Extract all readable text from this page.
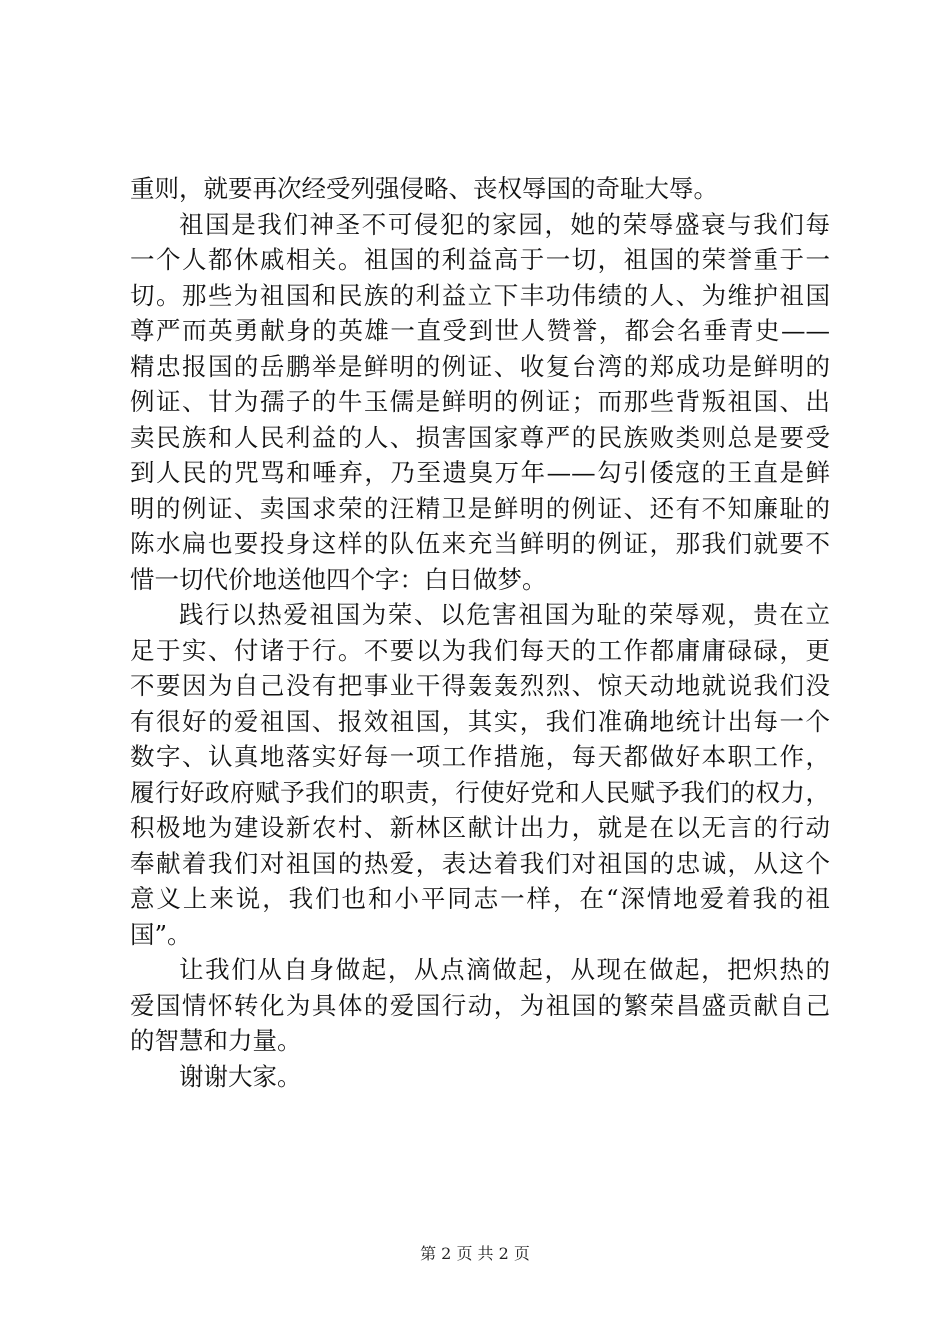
重则，就要再次经受列强侵略、丧权辱国的奇耻大辱。
祖国是我们神圣不可侵犯的家园，她的荣辱盛衰与我们每
一个人都休戚相关。祖国的利益高于一切，祖国的荣誉重于一
切。那些为祖国和民族的利益立下丰功伟绩的人、为维护祖国
尊严而英勇献身的英雄一直受到世人赞誉，都会名垂青史——
精忠报国的岳鹏举是鲜明的例证、收复台湾的郑成功是鲜明的
例证、甘为孺子的牛玉儒是鲜明的例证；而那些背叛祖国、出
卖民族和人民利益的人、损害国家尊严的民族败类则总是要受
到人民的咒骂和唾弃，乃至遗臭万年——勾引倭寇的王直是鲜
明的例证、卖国求荣的汪精卫是鲜明的例证、还有不知廉耻的
陈水扁也要投身这样的队伍来充当鲜明的例证，那我们就要不
惜一切代价地送他四个字：白日做梦。
践行以热爱祖国为荣、以危害祖国为耻的荣辱观，贵在立
足于实、付诸于行。不要以为我们每天的工作都庸庸碌碌，更
不要因为自己没有把事业干得轰轰烈烈、惊天动地就说我们没
有很好的爱祖国、报效祖国，其实，我们准确地统计出每一个
数字、认真地落实好每一项工作措施，每天都做好本职工作，
履行好政府赋予我们的职责，行使好党和人民赋予我们的权力，
积极地为建设新农村、新林区献计出力，就是在以无言的行动
奉献着我们对祖国的热爱，表达着我们对祖国的忠诚，从这个
意义上来说，我们也和小平同志一样，在“深情地爱着我的祖
国”。
让我们从自身做起，从点滴做起，从现在做起，把炽热的
爱国情怀转化为具体的爱国行动，为祖国的繁荣昌盛贡献自己
的智慧和力量。
谢谢大家。
第 2 页 共 2 页
